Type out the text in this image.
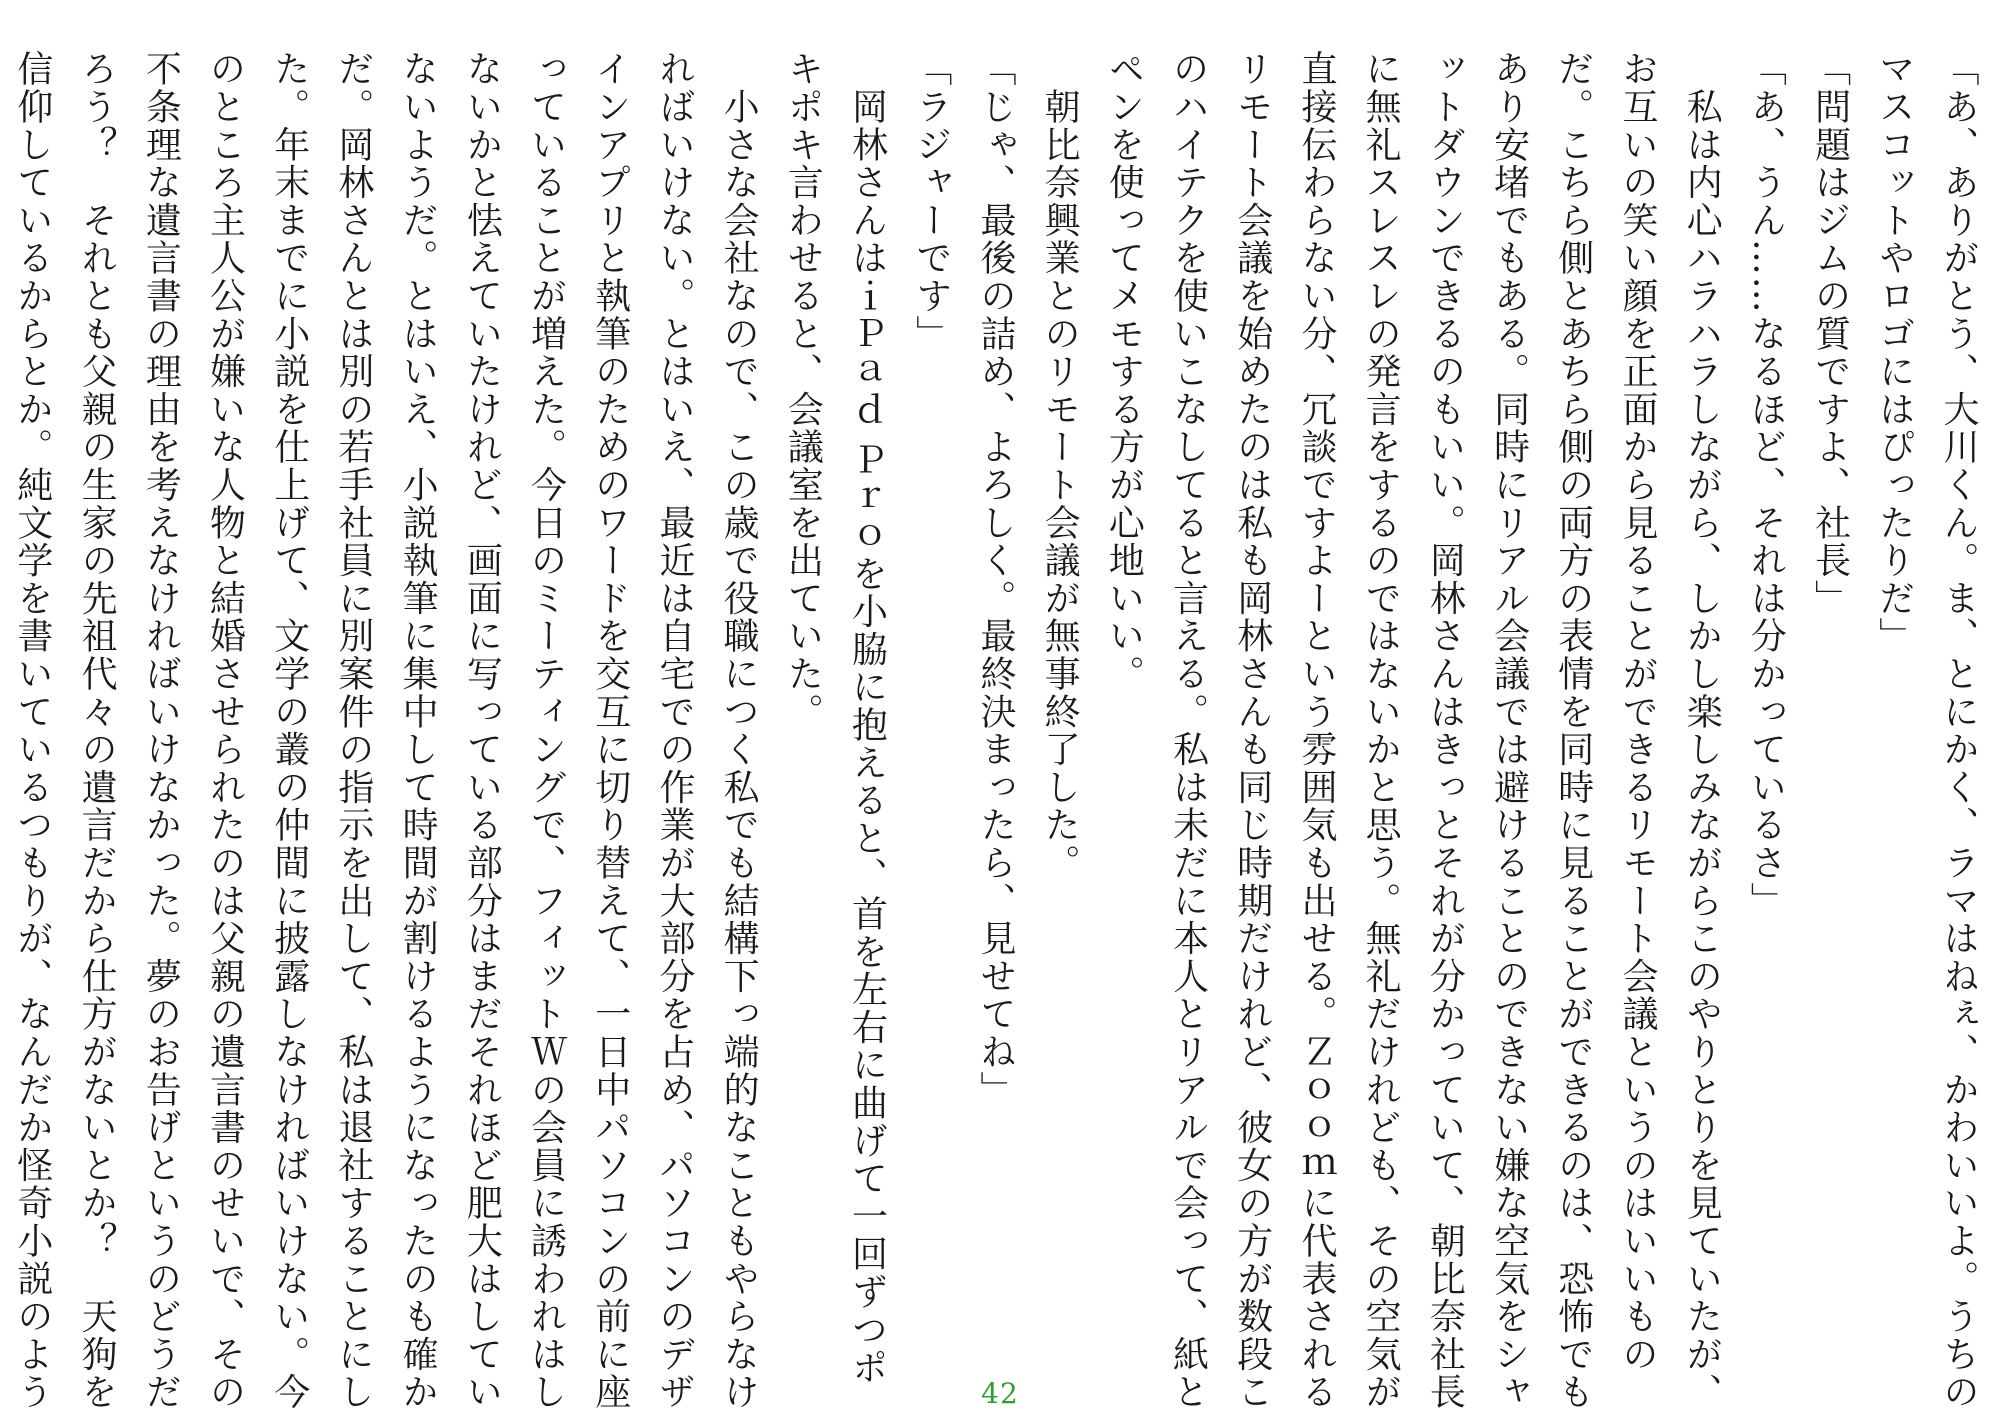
「あ、ありがとう、大川くん。ま、とにかく、ラマはねぇ、かわいいよ。うちの
マスコットやロゴにはぴったりだ」
「問題はジムの質ですよ、社長」
「あ、うん……なるほど、それは分かっているさ」
　私は内心ハラハラしながら、しかし楽しみながらこのやりとりを見ていたが、
お互いの笑い顔を正面から見ることができるリモート会議というのはいいもの
だ。こちら側とあちら側の両方の表情を同時に見ることができるのは、恐怖でも
あり安堵でもある。同時にリアル会議では避けることのできない嫌な空気をシャ
ットダウンできるのもいい。岡林さんはきっとそれが分かっていて、朝比奈社長
に無礼スレスレの発言をするのではないかと思う。無礼だけれども、その空気が
直接伝わらない分、冗談ですよーという雰囲気も出せる。Ｚｏｏｍに代表される
リモート会議を始めたのは私も岡林さんも同じ時期だけれど、彼女の方が数段こ
のハイテクを使いこなしてると言える。私は未だに本人とリアルで会って、紙と
ペンを使ってメモする方が心地いい。
　朝比奈興業とのリモート会議が無事終了した。
「じゃ、最後の詰め、よろしく。最終決まったら、見せてね」
「ラジャーです」
　岡林さんはｉＰａｄ Ｐｒｏを小脇に抱えると、首を左右に曲げて一回ずつポ
キポキ言わせると、会議室を出ていた。
　小さな会社なので、この歳で役職につく私でも結構下っ端的なこともやらなけ
ればいけない。とはいえ、最近は自宅での作業が大部分を占め、パソコンのデザ
インアプリと執筆のためのワードを交互に切り替えて、一日中パソコンの前に座
っていることが増えた。今日のミーティングで、フィットＷの会員に誘われはし
ないかと怯えていたけれど、画面に写っている部分はまだそれほど肥大はしてい
ないようだ。とはいえ、小説執筆に集中して時間が割けるようになったのも確か
だ。岡林さんとは別の若手社員に別案件の指示を出して、私は退社することにし
た。年末までに小説を仕上げて、文学の叢の仲間に披露しなければいけない。今
のところ主人公が嫌いな人物と結婚させられたのは父親の遺言書のせいで、その
不条理な遺言書の理由を考えなければいけなかった。夢のお告げというのどうだ
ろう？　それとも父親の生家の先祖代々の遺言だから仕方がないとか？　天狗を
信仰しているからとか。純文学を書いているつもりが、なんだか怪奇小説のよう	42
